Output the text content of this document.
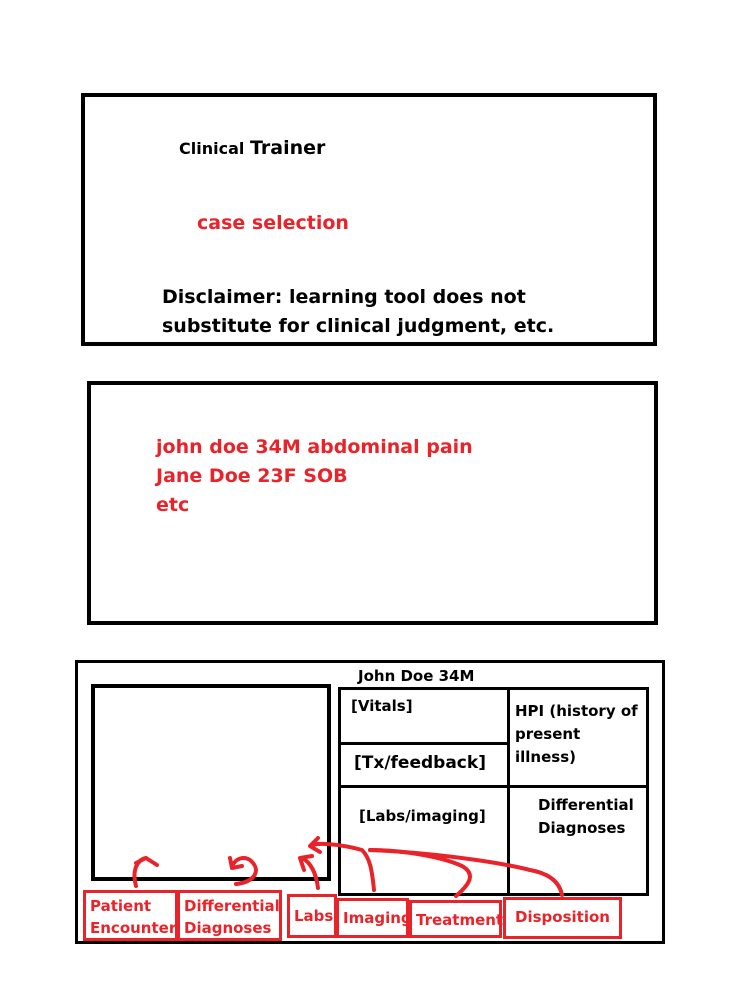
Clinical Trainer
case selection
Disclaimer: learning tool does not
substitute for clinical judgment, etc.
john doe 34M abdominal pain
Jane Doe 23F SOB
etc
John Doe 34M
[Vitals]
[Tx/feedback]
[Labs/imaging]
HPI (history of
present
illness)
Differential
Diagnoses
Patient
Encounter
Differential
Diagnoses
Labs Imaging Treatment Disposition
